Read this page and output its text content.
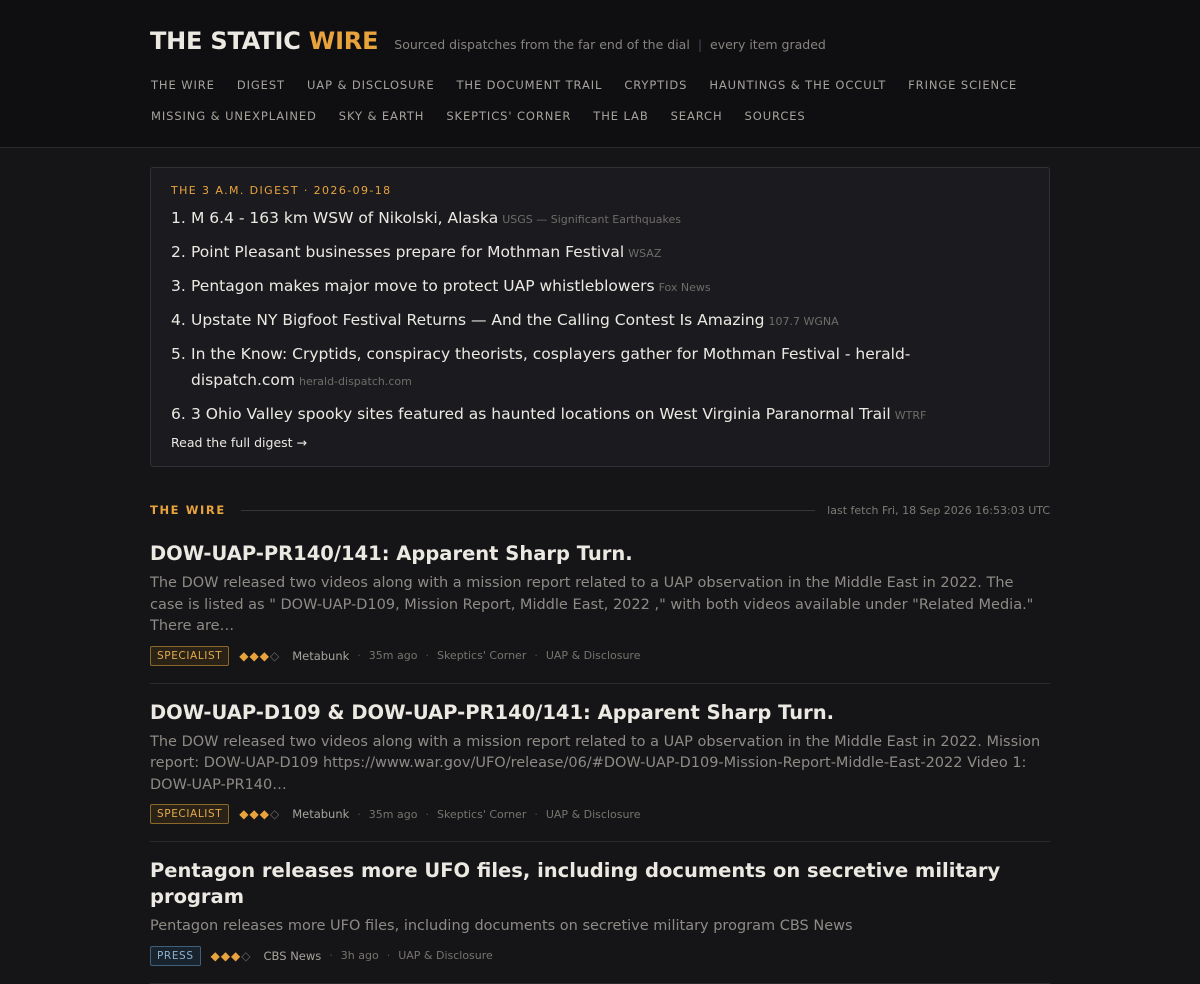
THE STATIC WIRE Sourced dispatches from the far end of the dial | every item graded
THE WIRE	DIGEST	UAP & DISCLOSURE	THE DOCUMENT TRAIL	CRYPTIDS	HAUNTINGS & THE OCCULT	FRINGE SCIENCE
MISSING & UNEXPLAINED	SKY & EARTH	SKEPTICS' CORNER	THE LAB	SEARCH	SOURCES
THE 3 A.M. DIGEST · 2026-09-18
1. M 6.4 - 163 km WSW of Nikolski, Alaska USGS — Significant Earthquakes
2. Point Pleasant businesses prepare for Mothman Festival WSAZ
3. Pentagon makes major move to protect UAP whistleblowers Fox News
4. Upstate NY Bigfoot Festival Returns — And the Calling Contest Is Amazing 107.7 WGNA
5. In the Know: Cryptids, conspiracy theorists, cosplayers gather for Mothman Festival - herald-dispatch.com herald-dispatch.com
6. 3 Ohio Valley spooky sites featured as haunted locations on West Virginia Paranormal Trail WTRF
Read the full digest →
THE WIRE	last fetch Fri, 18 Sep 2026 16:53:03 UTC
DOW-UAP-PR140/141: Apparent Sharp Turn.
The DOW released two videos along with a mission report related to a UAP observation in the Middle East in 2022. The case is listed as " DOW-UAP-D109, Mission Report, Middle East, 2022 ," with both videos available under "Related Media." There are…
SPECIALIST	◆◆◆◇ Metabunk · 35m ago · Skeptics' Corner · UAP & Disclosure
DOW-UAP-D109 & DOW-UAP-PR140/141: Apparent Sharp Turn.
The DOW released two videos along with a mission report related to a UAP observation in the Middle East in 2022. Mission report: DOW-UAP-D109 https://www.war.gov/UFO/release/06/#DOW-UAP-D109-Mission-Report-Middle-East-2022 Video 1: DOW-UAP-PR140…
SPECIALIST	◆◆◆◇ Metabunk · 35m ago · Skeptics' Corner · UAP & Disclosure
Pentagon releases more UFO files, including documents on secretive military program
Pentagon releases more UFO files, including documents on secretive military program CBS News
PRESS	◆◆◆◇ CBS News · 3h ago · UAP & Disclosure
